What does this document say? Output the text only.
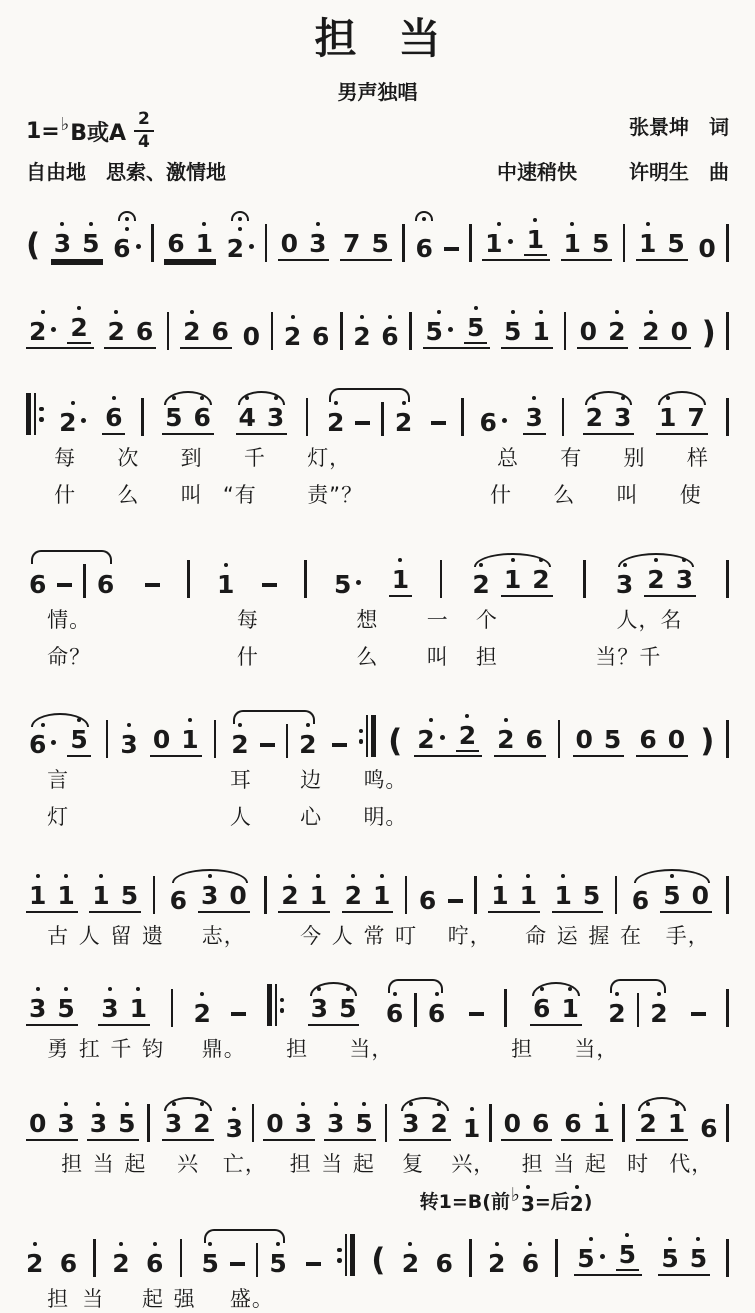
担　当
男声独唱
1= ♭ B或A $\frac{2}{4}$	张景坤　词
自由地　思索、激情地	中速稍快	许明生　曲
( 3 5 6	6 1 2	0 3 7 5 6 1 1 1 5 1 5 0
2 2 2 6 2 6 0 2 6 2 6 5 5 5 1 0 2 2 0 )
2	6 5 6 4 3 2 2	6	3 2 3 1 7
每 次 到 千 灯，	总 有 别 样
什 么 叫 “有 责”？	什 么 叫 使
6 6	1	5	1	2 1 2	3 2 3
情。	每	想 一 个	人，名
命？	什	么 叫 担	当？千
6 5 3 0 1 2 2 ( 2 2 2 6 0 5 6 0 )
言	耳 边 鸣。
灯	人 心 明。
1 1 1 5 6 3 0 2 1 2 1 6 1 1 1 5 6 5 0
古 人 留 遗 志，	今 人 常 叮 咛， 命 运 握 在 手，
3 5 3 1 2	3 5 6 6	6 1 2 2
勇 扛 千 钧 鼎。 担 当，	担 当，
0 3 3 5 3 2 3 0 3 3 5 3 2 1 0 6 6 1 2 1 6
担 当 起 兴 亡， 担 当 起 复 兴， 担 当 起 时 代，
转1=B(前 ♭ 3 =后 2 )
2 6 2 6 5 5	( 2 6 2 6 5 5 5 5
担 当 起 强 盛。
